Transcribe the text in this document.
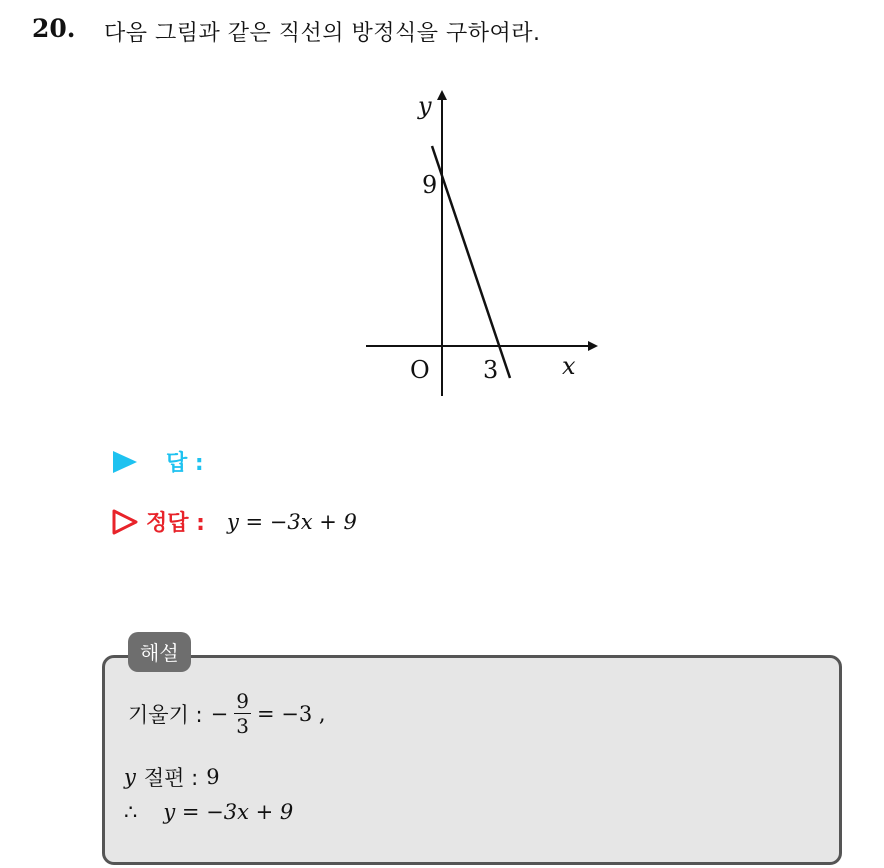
20. 다음 그림과 같은 직선의 방정식을 구하여라.
y
x
O
9
3
답 :
정답 : y = −3x + 9
해설
기울기 : − $\frac{9}{3} = -3$ ,
y 절편 : 9
∴ y = −3x + 9
